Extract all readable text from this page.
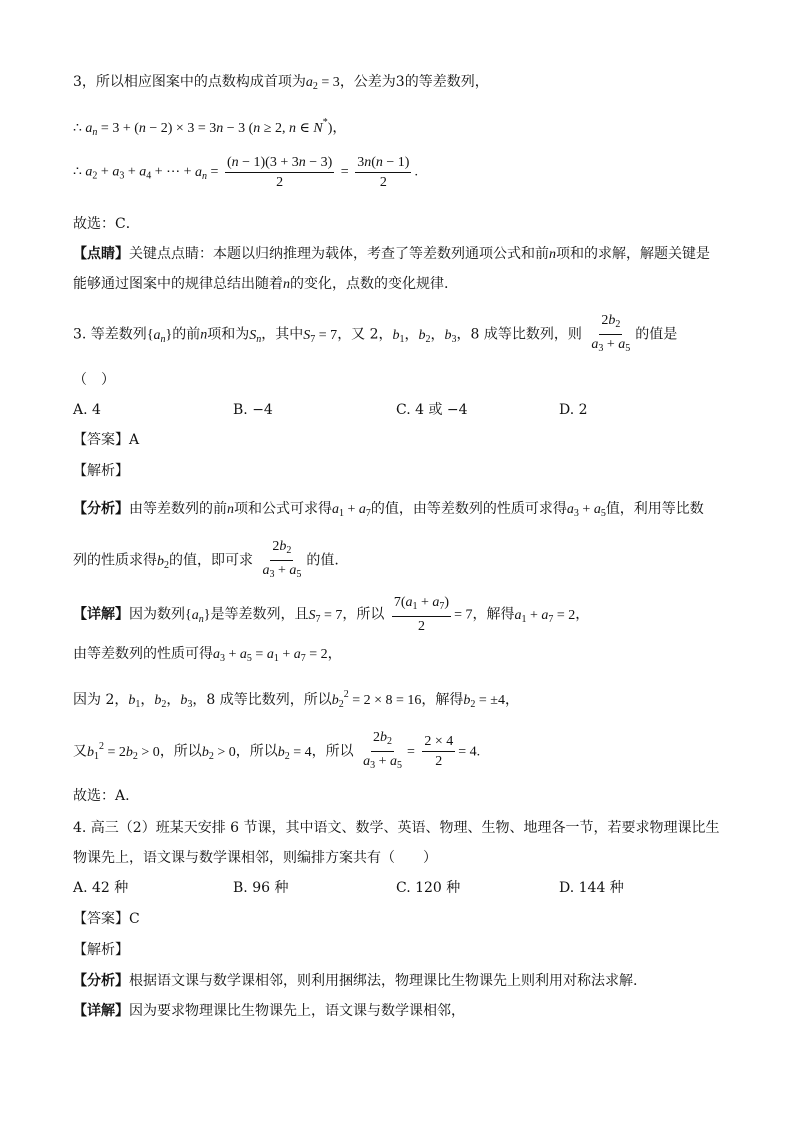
3，所以相应图案中的点数构成首项为$a_2 = 3$，公差为3的等差数列，
∴ $a_n = 3 + (n - 2) \times 3 = 3n - 3$ (n ≥ 2, n ∈ N*)，
∴ $a_2 + a_3 + a_4$ + ⋯ + $a_n = \frac{(n - 1)(3 + 3n - 3)}{2} = \frac{3n(n - 1)}{2}$ .
故选：C．
【点睛】关键点点睛：本题以归纳推理为载体，考查了等差数列通项公式和前n项和的求解，解题关键是
能够通过图案中的规律总结出随着n的变化，点数的变化规律.
3. 等差数列$\{a_n\}$的前n项和为$S_n$，其中$S_7 = 7$，又 2，$b_1$，$b_2$，$b_3$，8 成等比数列，则 $\frac{2b_2}{a_3 + a_5}$ 的值是
（　）
A. 4	B. −4	C. 4 或 −4	D. 2
【答案】A
【解析】
【分析】由等差数列的前n项和公式可求得$a_1 + a_7$的值，由等差数列的性质可求得$a_3 + a_5$值，利用等比数
列的性质求得$b_2$的值，即可求 $\frac{2b_2}{a_3 + a_5}$ 的值.
【详解】因为数列$\{a_n\}$是等差数列，且$S_7 = 7$，所以 $\frac{7(a_1 + a_7)}{2} = 7$，解得$a_1 + a_7 = 2$，
由等差数列的性质可得$a_3 + a_5 = a_1 + a_7 = 2$，
因为 2，$b_1$，$b_2$，$b_3$，8 成等比数列，所以$b_2^2 = 2 \times 8 = 16$，解得$b_2 = \pm 4$，
又$b_1^2 = 2b_2 > 0$，所以$b_2 > 0$，所以$b_2 = 4$，所以 $\frac{2b_2}{a_3 + a_5} = \frac{2 \times 4}{2} = 4$.
故选：A.
4. 高三（2）班某天安排 6 节课，其中语文、数学、英语、物理、生物、地理各一节，若要求物理课比生
物课先上，语文课与数学课相邻，则编排方案共有（　　）
A. 42 种	B. 96 种	C. 120 种	D. 144 种
【答案】C
【解析】
【分析】根据语文课与数学课相邻，则利用捆绑法，物理课比生物课先上则利用对称法求解.
【详解】因为要求物理课比生物课先上，语文课与数学课相邻，
